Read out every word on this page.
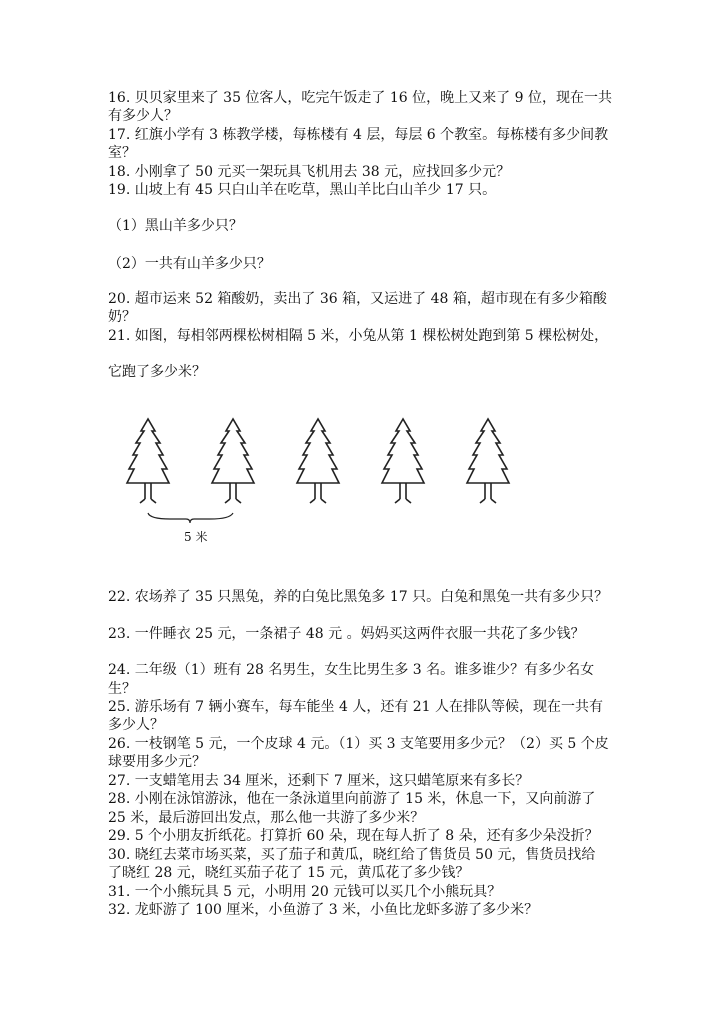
16. 贝贝家里来了 35 位客人，吃完午饭走了 16 位，晚上又来了 9 位，现在一共
有多少人？
17. 红旗小学有 3 栋教学楼，每栋楼有 4 层，每层 6 个教室。每栋楼有多少间教
室？
18. 小刚拿了 50 元买一架玩具飞机用去 38 元，应找回多少元？
19. 山坡上有 45 只白山羊在吃草，黑山羊比白山羊少 17 只。
（1）黑山羊多少只？
（2）一共有山羊多少只？
20. 超市运来 52 箱酸奶，卖出了 36 箱，又运进了 48 箱，超市现在有多少箱酸
奶？
21. 如图，每相邻两棵松树相隔 5 米，小兔从第 1 棵松树处跑到第 5 棵松树处，
它跑了多少米？
5 米
22. 农场养了 35 只黑兔，养的白兔比黑兔多 17 只。白兔和黑兔一共有多少只？
23. 一件睡衣 25 元，一条裙子 48 元 。妈妈买这两件衣服一共花了多少钱？
24. 二年级（1）班有 28 名男生，女生比男生多 3 名。谁多谁少？有多少名女
生？
25. 游乐场有 7 辆小赛车，每车能坐 4 人，还有 21 人在排队等候，现在一共有
多少人？
26. 一枝钢笔 5 元，一个皮球 4 元。（1）买 3 支笔要用多少元？（2）买 5 个皮
球要用多少元？
27. 一支蜡笔用去 34 厘米，还剩下 7 厘米，这只蜡笔原来有多长？
28. 小刚在泳馆游泳，他在一条泳道里向前游了 15 米，休息一下，又向前游了
25 米，最后游回出发点，那么他一共游了多少米？
29. 5 个小朋友折纸花。打算折 60 朵，现在每人折了 8 朵，还有多少朵没折？
30. 晓红去菜市场买菜，买了茄子和黄瓜，晓红给了售货员 50 元，售货员找给
了晓红 28 元，晓红买茄子花了 15 元，黄瓜花了多少钱？
31. 一个小熊玩具 5 元，小明用 20 元钱可以买几个小熊玩具？
32. 龙虾游了 100 厘米，小鱼游了 3 米，小鱼比龙虾多游了多少米？
